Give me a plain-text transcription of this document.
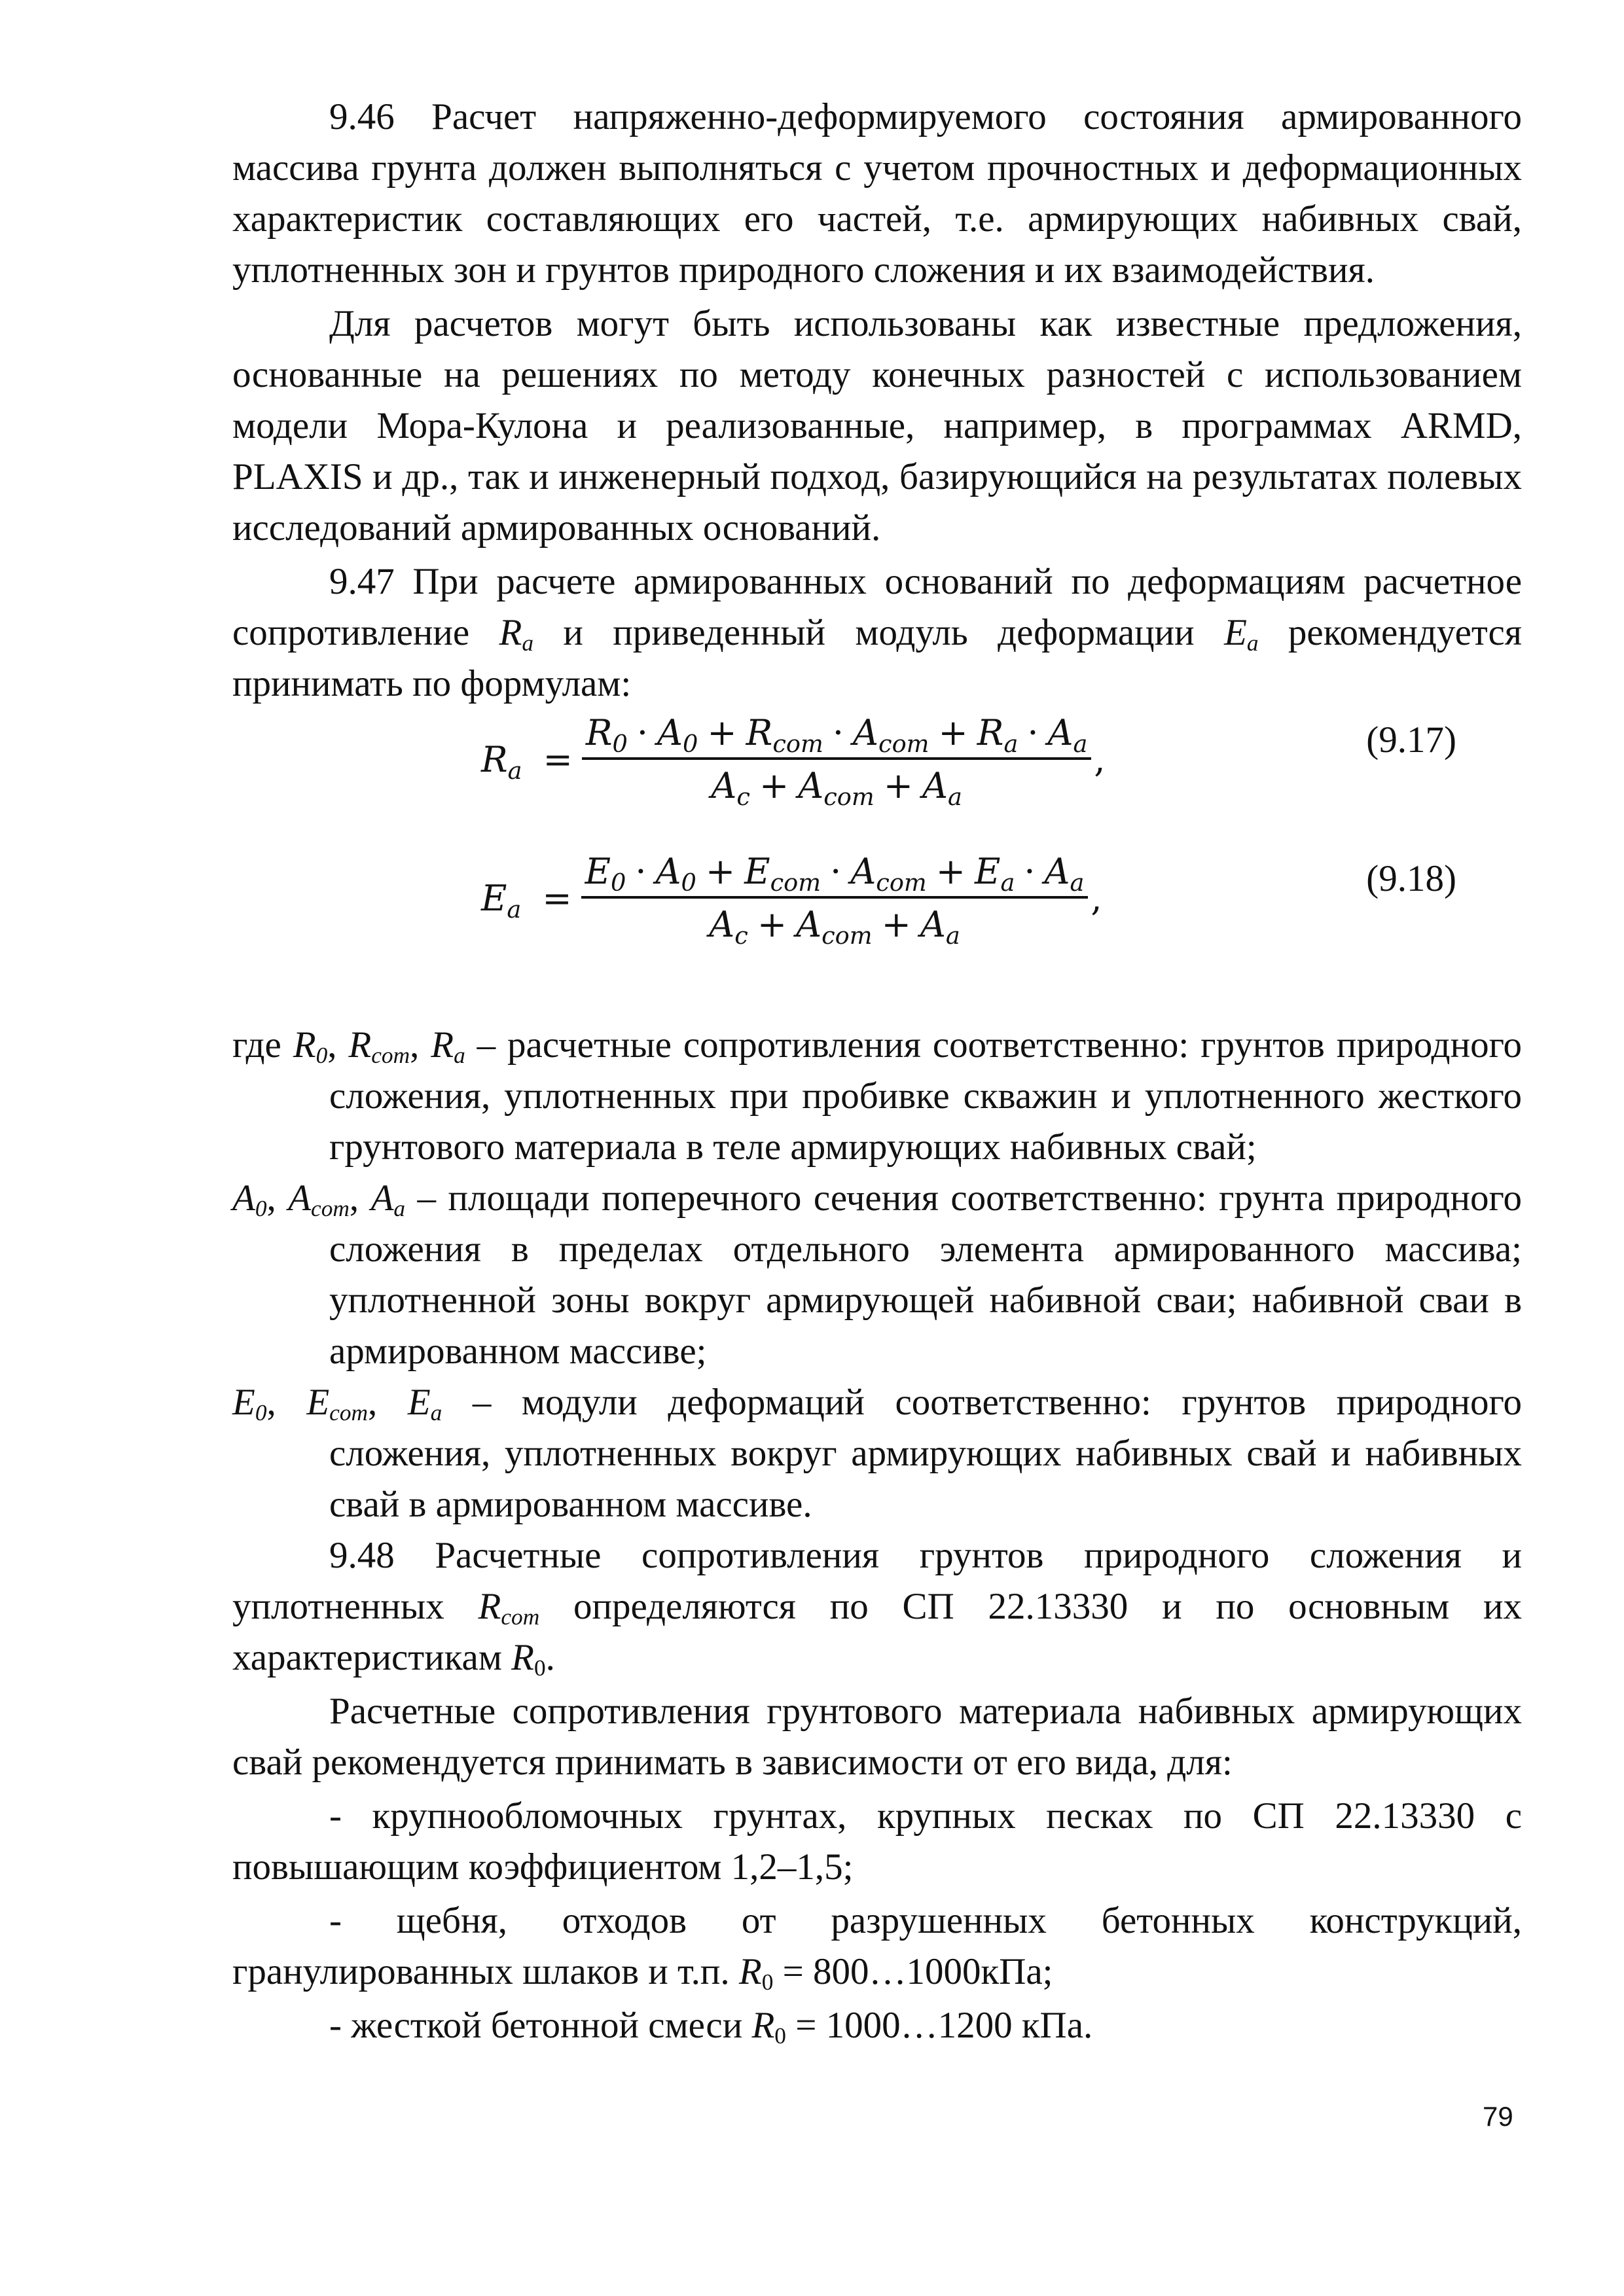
9.46 Расчет напряженно-деформируемого состояния армированного массива грунта должен выполняться с учетом прочностных и деформационных характеристик составляющих его частей, т.е. армирующих набивных свай, уплотненных зон и грунтов природного сложения и их взаимодействия.

Для расчетов могут быть использованы как известные предложения, основанные на решениях по методу конечных разностей с использованием модели Мора-Кулона и реализованные, например, в программах ARMD, PLAXIS и др., так и инженерный подход, базирующийся на результатах полевых исследований армированных оснований.

9.47 При расчете армированных оснований по деформациям расчетное сопротивление $R_a$ и приведенный модуль деформации $E_a$ рекомендуется принимать по формулам:

$R_a = \frac{R_0 \cdot A_0 + R_{com} \cdot A_{com} + R_а \cdot A_а}{A_c + A_{com} + A_а}$ ,	(9.17)
$E_a = \frac{E_0 \cdot A_0 + E_{com} \cdot A_{com} + E_a \cdot A_а}{A_c + A_{com} + A_а}$ ,	(9.18)

где $R_0$, $R_{com}$, $R_а$ – расчетные сопротивления соответственно: грунтов природного сложения, уплотненных при пробивке скважин и уплотненного жесткого грунтового материала в теле армирующих набивных свай;

$A_0$, $A_{com}$, $A_a$ – площади поперечного сечения соответственно: грунта природного сложения в пределах отдельного элемента армированного массива; уплотненной зоны вокруг армирующей набивной сваи; набивной сваи в армированном массиве;

$E_0$, $E_{com}$, $E_a$ – модули деформаций соответственно: грунтов природного сложения, уплотненных вокруг армирующих набивных свай и набивных свай в армированном массиве.

9.48 Расчетные сопротивления грунтов природного сложения и уплотненных $R_{com}$ определяются по СП 22.13330 и по основным их характеристикам $R_0$.

Расчетные сопротивления грунтового материала набивных армирующих свай рекомендуется принимать в зависимости от его вида, для:

- крупнообломочных грунтах, крупных песках по СП 22.13330 с повышающим коэффициентом 1,2–1,5;

- щебня, отходов от разрушенных бетонных конструкций, гранулированных шлаков и т.п. $R_0$ = 800…1000кПа;

- жесткой бетонной смеси $R_0$ = 1000…1200 кПа.

79
